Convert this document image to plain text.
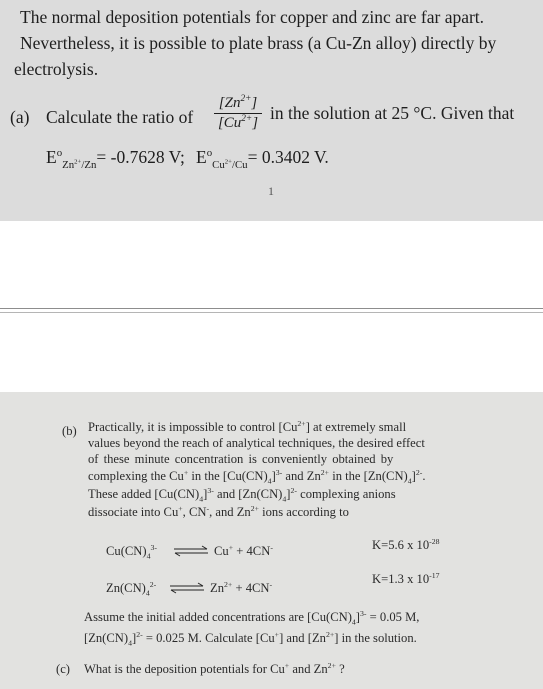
The normal deposition potentials for copper and zinc are far apart.
Nevertheless, it is possible to plate brass (a Cu-Zn alloy) directly by
electrolysis.
(a) Calculate the ratio of
$[Zn^{2+}]$
$[Cu^{2+}]$ in the solution at 25 °C. Given that
$E^o_{Zn^{2+}/Zn}= -0.7628$ V; $E^o_{Cu^{2+}/Cu}= 0.3402$ V.
1
(b) Practically, it is impossible to control $[Cu^{2+}]$ at extremely small
values beyond the reach of analytical techniques, the desired effect
of these minute concentration is conveniently obtained by
complexing the Cu+ in the $[Cu(CN)_4]^{3-}$ and $Zn^{2+}$ in the $[Zn(CN)_4]^{2-}$.
These added $[Cu(CN)_4]^{3-}$ and $[Zn(CN)_4]^{2-}$ complexing anions
dissociate into Cu+, CN-, and $Zn^{2+}$ ions according to
$Cu(CN)_4^{3-}$ ⇌ Cu+ + 4CN-	K=5.6 x $10^{-28}$
$Zn(CN)_4^{2-}$ ⇌ $Zn^{2+} + 4CN^-$	K=1.3 x $10^{-17}$
Assume the initial added concentrations are $[Cu(CN)_4]^{3-} = 0.05$ M,
$[Zn(CN)_4]^{2-} = 0.025$ M. Calculate [Cu+] and $[Zn^{2+}]$ in the solution.
(c) What is the deposition potentials for Cu+ and $Zn^{2+}$ ?
